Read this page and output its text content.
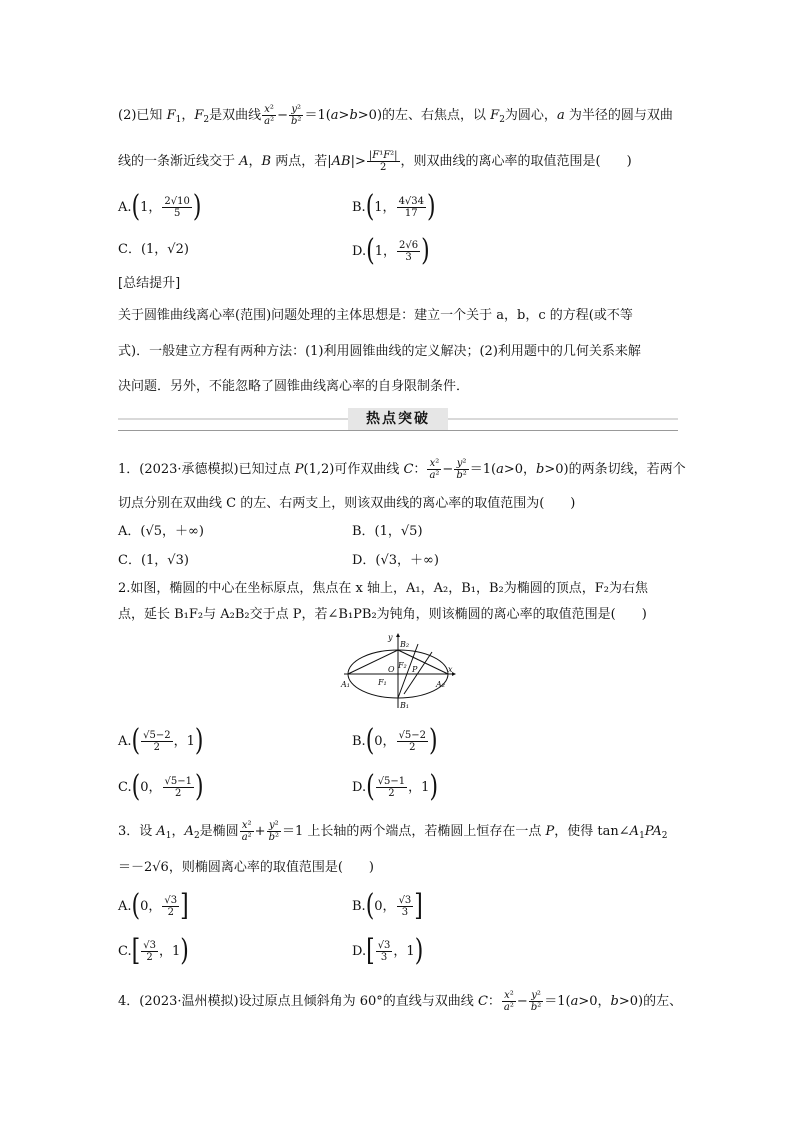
(2)已知 $F_1$，$F_2$是双曲线 $\frac{\text{x²}}{\text{a²}} - \frac{\text{y²}}{\text{b²}} =1(a>b>0)$的左、右焦点，以 $F_2$为圆心，a 为半径的圆与双曲
线的一条渐近线交于 A，B 两点，若$|AB|> \frac{\text{|F¹F²|}}{2}$ ，则双曲线的离心率的取值范围是(　　)
A.(1， $\frac{2√10}{5}$ )	B.(1， $\frac{4√34}{17}$ )
C．(1，√2)	D.(1， $\frac{2√6}{3}$ )
[总结提升]
关于圆锥曲线离心率(范围)问题处理的主体思想是：建立一个关于 a，b，c 的方程(或不等
式)．一般建立方程有两种方法：(1)利用圆锥曲线的定义解决；(2)利用题中的几何关系来解
决问题．另外，不能忽略了圆锥曲线离心率的自身限制条件．
热点突破
1．(2023·承德模拟)已知过点 P(1,2)可作双曲线 C： $\frac{\text{x²}}{\text{a²}} - \frac{\text{y²}}{\text{b²}} =1(a>0$，b>0)的两条切线，若两个
切点分别在双曲线 C 的左、右两支上，则该双曲线的离心率的取值范围为(　　)
A．(√5，＋∞)	B．(1，√5)
C．(1，√3)	D．(√3，＋∞)
2.如图，椭圆的中心在坐标原点，焦点在 x 轴上，A₁，A₂，B₁，B₂为椭圆的顶点，F₂为右焦
点，延长 B₁F₂与 A₂B₂交于点 P，若∠B₁PB₂为钝角，则该椭圆的离心率的取值范围是(　　)
y
x
O
B₂
B₁
A₁	A₂
F₁
F₂ P
$A.( \frac{√5-2}{2}$ ，1)	B.(0， $\frac{√5-2}{2}$ )
C.(0， $\frac{√5-1}{2}$ )	$D.( \frac{√5-1}{2}$ ，1)
3．设 $A_1$，$A_2$是椭圆 $\frac{\text{x²}}{\text{a²}} + \frac{\text{y²}}{\text{b²}} =1$ 上长轴的两个端点，若椭圆上恒存在一点 P，使得 $\tan\angle A_1PA_2$
＝－2√6，则椭圆离心率的取值范围是(　　)
A.(0， $\frac{√3}{2}$ ]	B.(0， $\frac{√3}{3}$ ]
$C.[ \frac{√3}{2}$ ，1)	$D.[ \frac{√3}{3}$ ，1)
4．(2023·温州模拟)设过原点且倾斜角为 60°的直线与双曲线 C： $\frac{\text{x²}}{\text{a²}} - \frac{\text{y²}}{\text{b²}} =1(a>0$，b>0)的左、
